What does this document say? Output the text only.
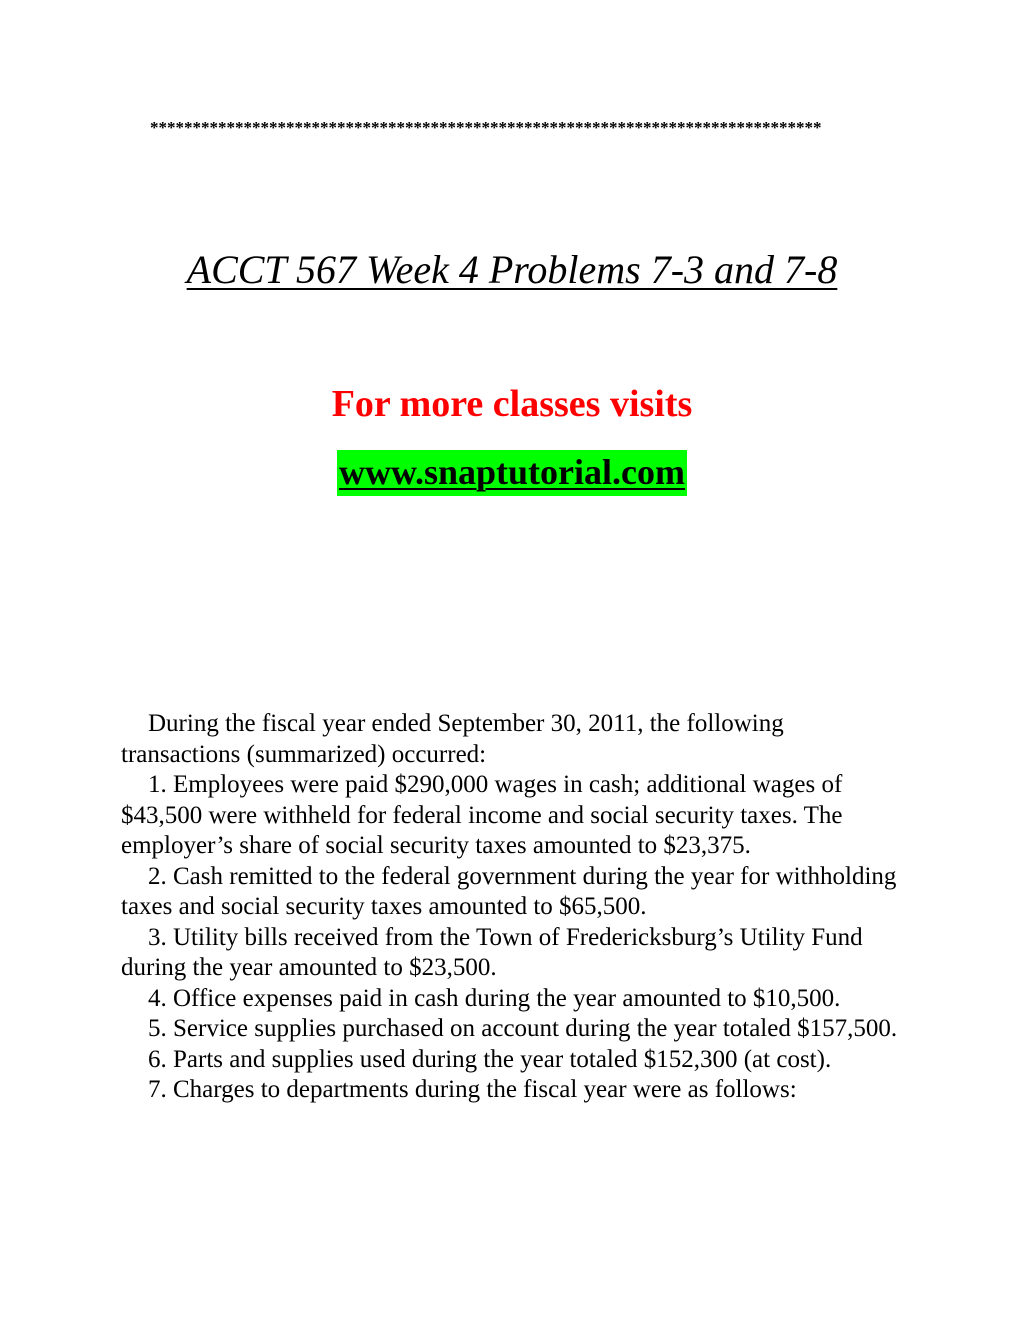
*******************************************************************************
ACCT 567 Week 4 Problems 7-3 and 7-8
For more classes visits
www.snaptutorial.com

During the fiscal year ended September 30, 2011, the following transactions (summarized) occurred:

1. Employees were paid $290,000 wages in cash; additional wages of $43,500 were withheld for federal income and social security taxes. The employer’s share of social security taxes amounted to $23,375.

2. Cash remitted to the federal government during the year for withholding taxes and social security taxes amounted to $65,500.

3. Utility bills received from the Town of Fredericksburg’s Utility Fund during the year amounted to $23,500.

4. Office expenses paid in cash during the year amounted to $10,500.

5. Service supplies purchased on account during the year totaled $157,500.

6. Parts and supplies used during the year totaled $152,300 (at cost).

7. Charges to departments during the fiscal year were as follows:
